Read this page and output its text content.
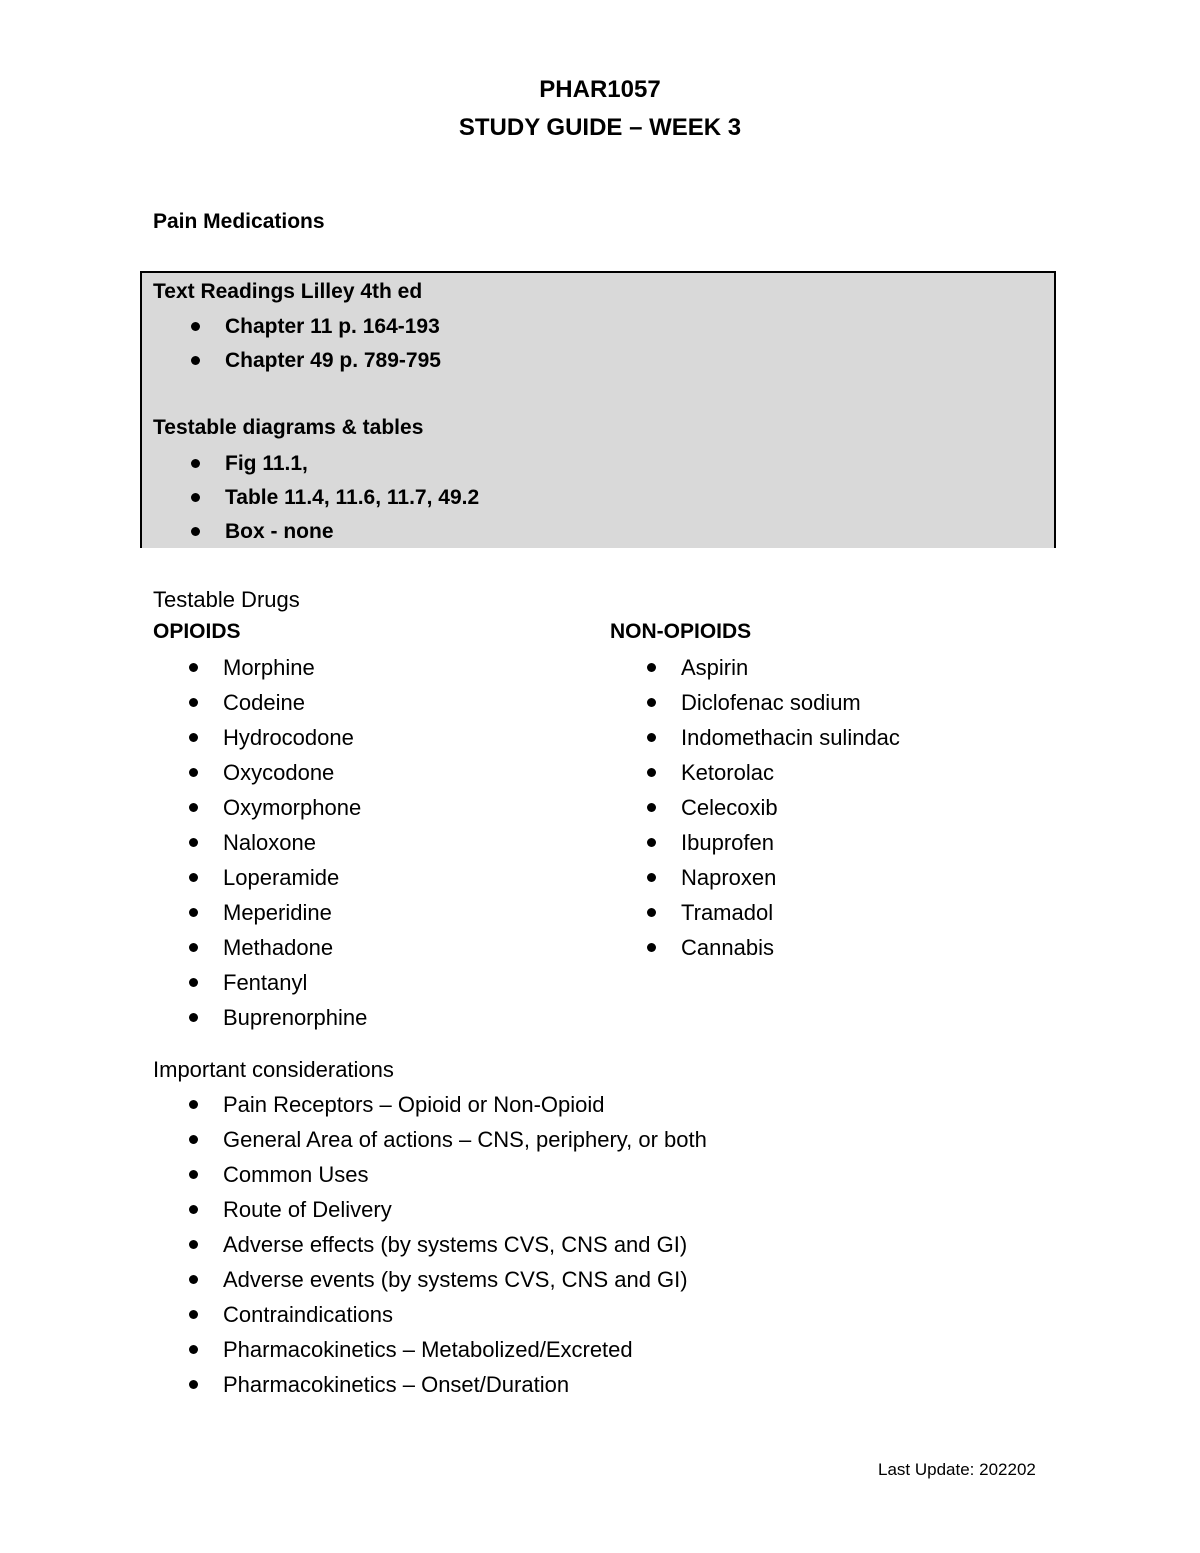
PHAR1057
STUDY GUIDE – WEEK 3
Pain Medications
Text Readings Lilley 4th ed
Chapter 11 p. 164-193
Chapter 49 p. 789-795
Testable diagrams & tables
Fig 11.1,
Table 11.4, 11.6, 11.7, 49.2
Box - none
Testable Drugs
OPIOIDS	NON-OPIOIDS
Morphine
Codeine
Hydrocodone
Oxycodone
Oxymorphone
Naloxone
Loperamide
Meperidine
Methadone
Fentanyl
Buprenorphine
Aspirin
Diclofenac sodium
Indomethacin sulindac
Ketorolac
Celecoxib
Ibuprofen
Naproxen
Tramadol
Cannabis
Important considerations
Pain Receptors – Opioid or Non-Opioid
General Area of actions – CNS, periphery, or both
Common Uses
Route of Delivery
Adverse effects (by systems CVS, CNS and GI)
Adverse events (by systems CVS, CNS and GI)
Contraindications
Pharmacokinetics – Metabolized/Excreted
Pharmacokinetics – Onset/Duration
Last Update: 202202
